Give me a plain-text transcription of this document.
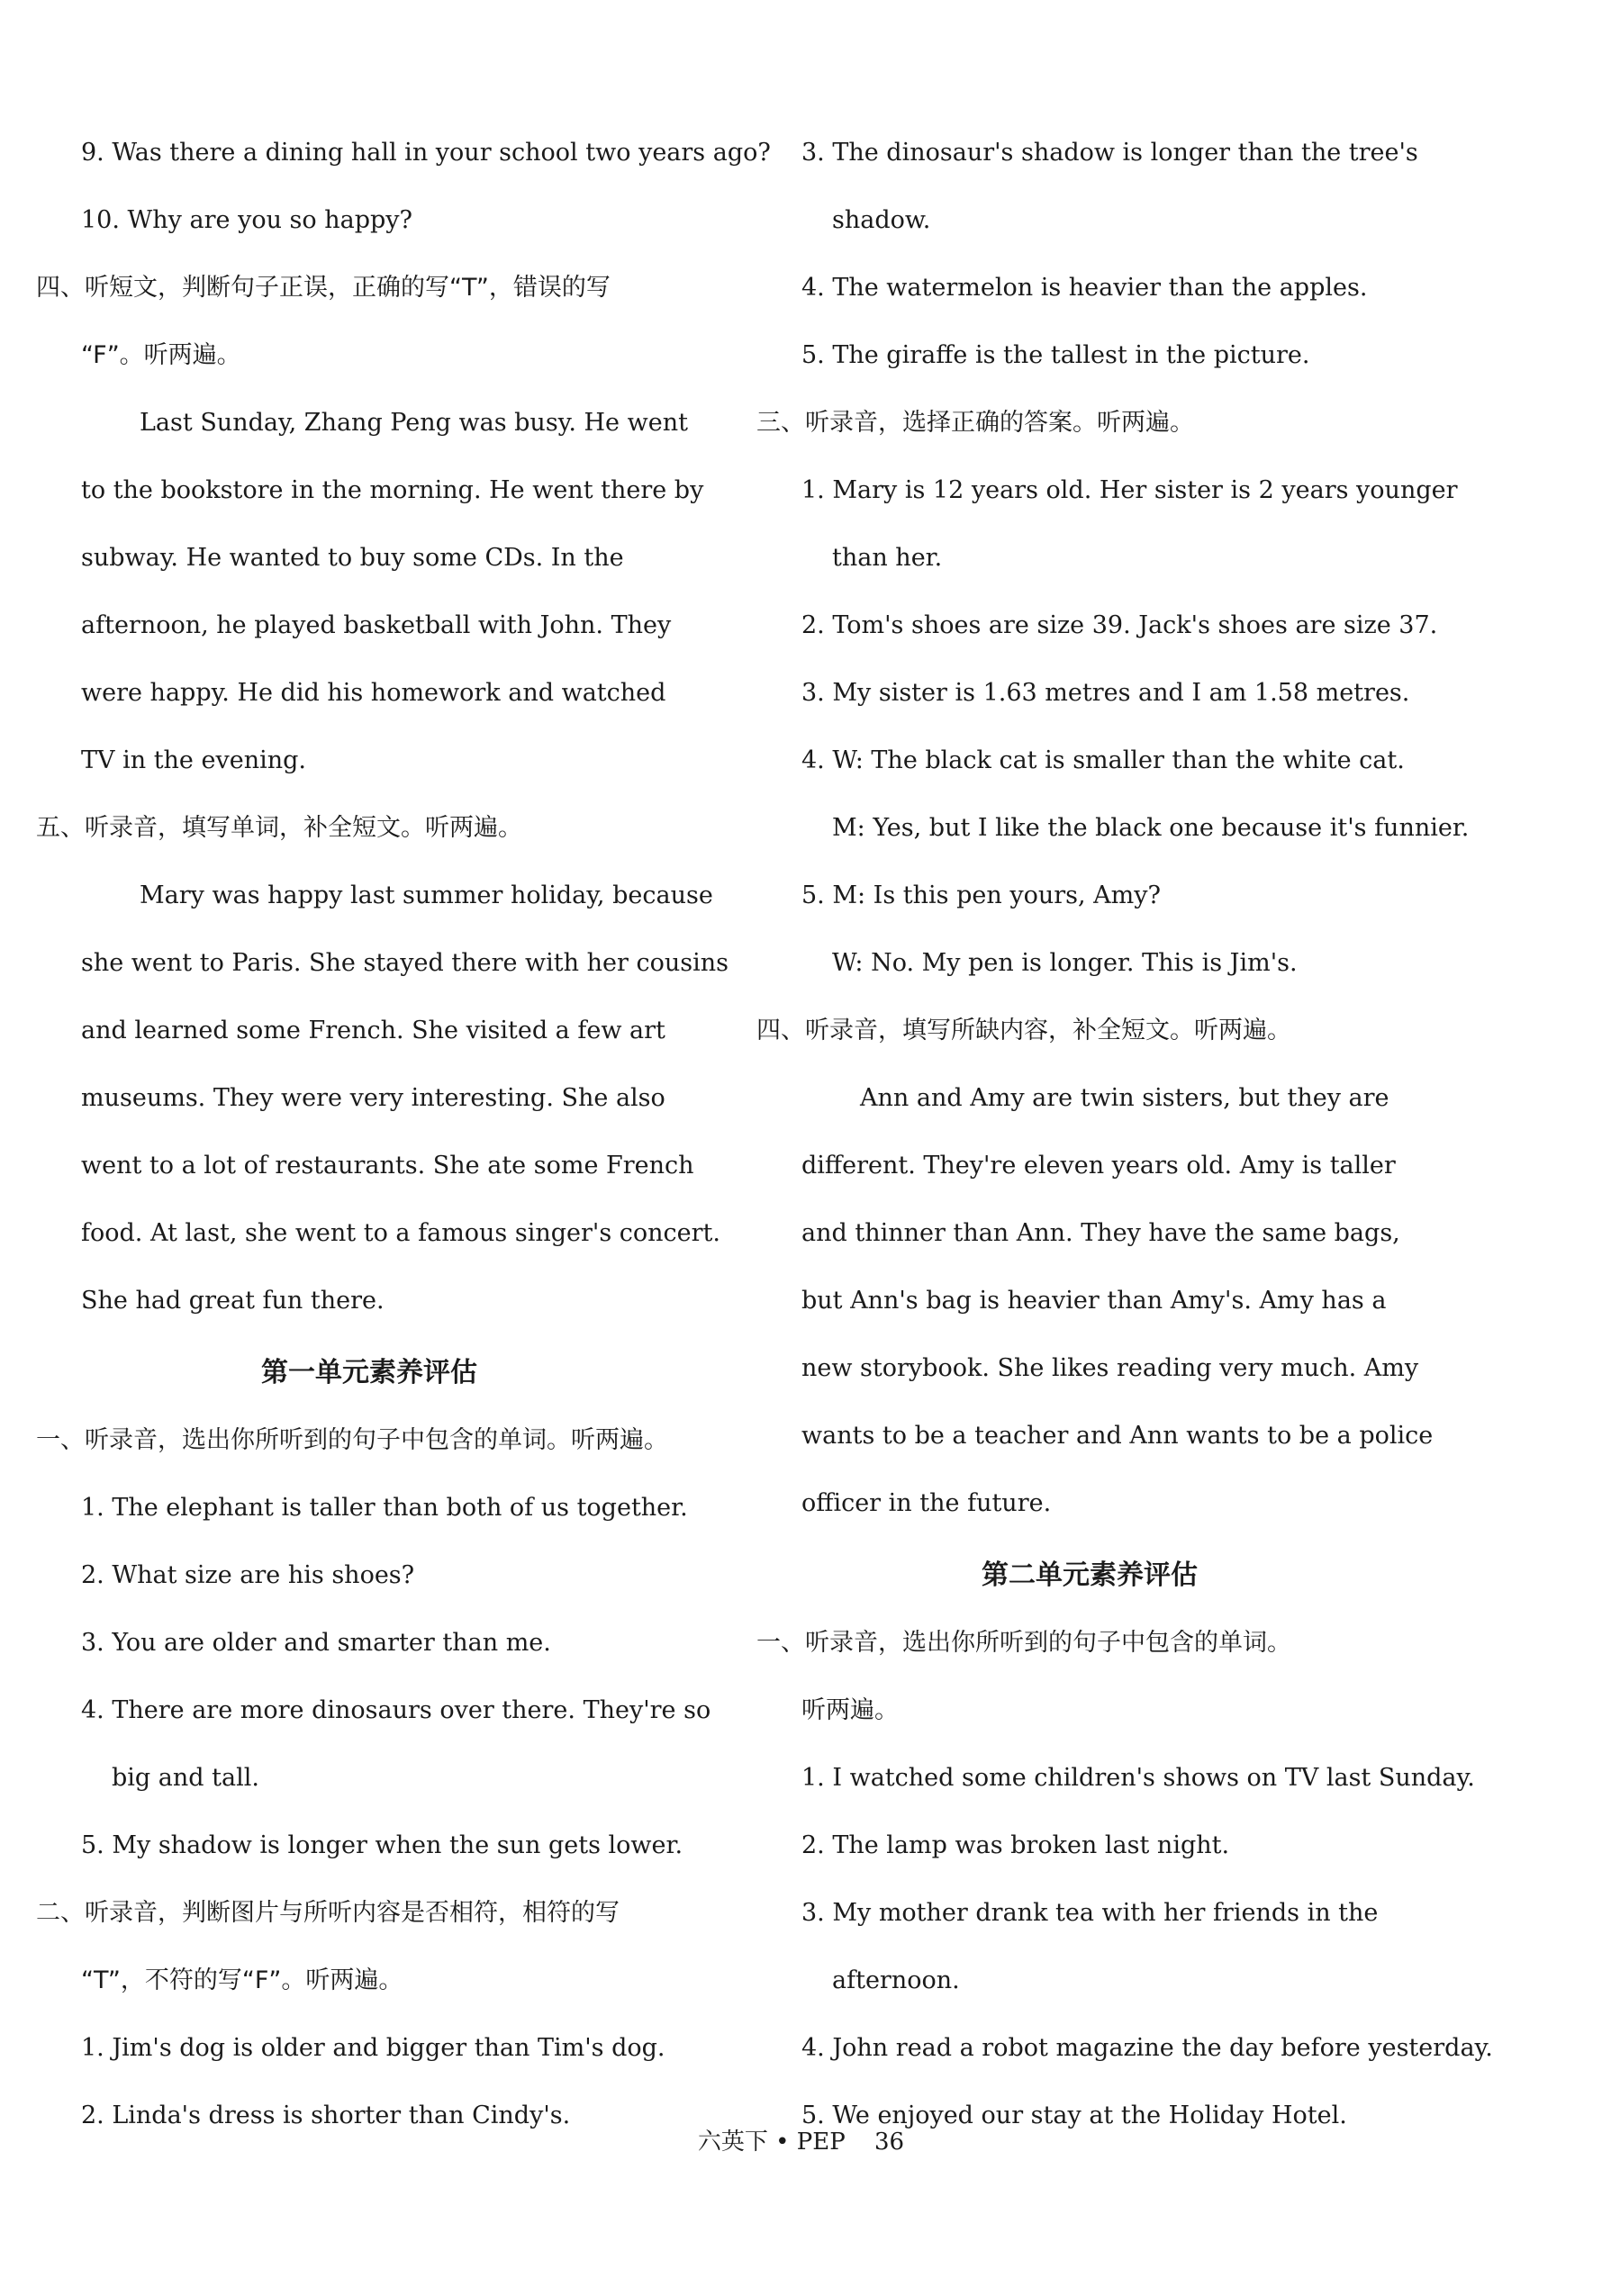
9. Was there a dining hall in your school two years ago?
10. Why are you so happy?
四、听短文，判断句子正误，正确的写“T”，错误的写
“F”。听两遍。
Last Sunday, Zhang Peng was busy. He went
to the bookstore in the morning. He went there by
subway. He wanted to buy some CDs. In the
afternoon, he played basketball with John. They
were happy. He did his homework and watched
TV in the evening.
五、听录音，填写单词，补全短文。听两遍。
Mary was happy last summer holiday, because
she went to Paris. She stayed there with her cousins
and learned some French. She visited a few art
museums. They were very interesting. She also
went to a lot of restaurants. She ate some French
food. At last, she went to a famous singer's concert.
She had great fun there.
第一单元素养评估
一、听录音，选出你所听到的句子中包含的单词。听两遍。
1. The elephant is taller than both of us together.
2. What size are his shoes?
3. You are older and smarter than me.
4. There are more dinosaurs over there. They're so
big and tall.
5. My shadow is longer when the sun gets lower.
二、听录音，判断图片与所听内容是否相符，相符的写
“T”，不符的写“F”。听两遍。
1. Jim's dog is older and bigger than Tim's dog.
2. Linda's dress is shorter than Cindy's.
3. The dinosaur's shadow is longer than the tree's
shadow.
4. The watermelon is heavier than the apples.
5. The giraffe is the tallest in the picture.
三、听录音，选择正确的答案。听两遍。
1. Mary is 12 years old. Her sister is 2 years younger
than her.
2. Tom's shoes are size 39. Jack's shoes are size 37.
3. My sister is 1.63 metres and I am 1.58 metres.
4. W: The black cat is smaller than the white cat.
M: Yes, but I like the black one because it's funnier.
5. M: Is this pen yours, Amy?
W: No. My pen is longer. This is Jim's.
四、听录音，填写所缺内容，补全短文。听两遍。
Ann and Amy are twin sisters, but they are
different. They're eleven years old. Amy is taller
and thinner than Ann. They have the same bags,
but Ann's bag is heavier than Amy's. Amy has a
new storybook. She likes reading very much. Amy
wants to be a teacher and Ann wants to be a police
officer in the future.
第二单元素养评估
一、听录音，选出你所听到的句子中包含的单词。
听两遍。
1. I watched some children's shows on TV last Sunday.
2. The lamp was broken last night.
3. My mother drank tea with her friends in the
afternoon.
4. John read a robot magazine the day before yesterday.
5. We enjoyed our stay at the Holiday Hotel.
六英下 • PEP 36
